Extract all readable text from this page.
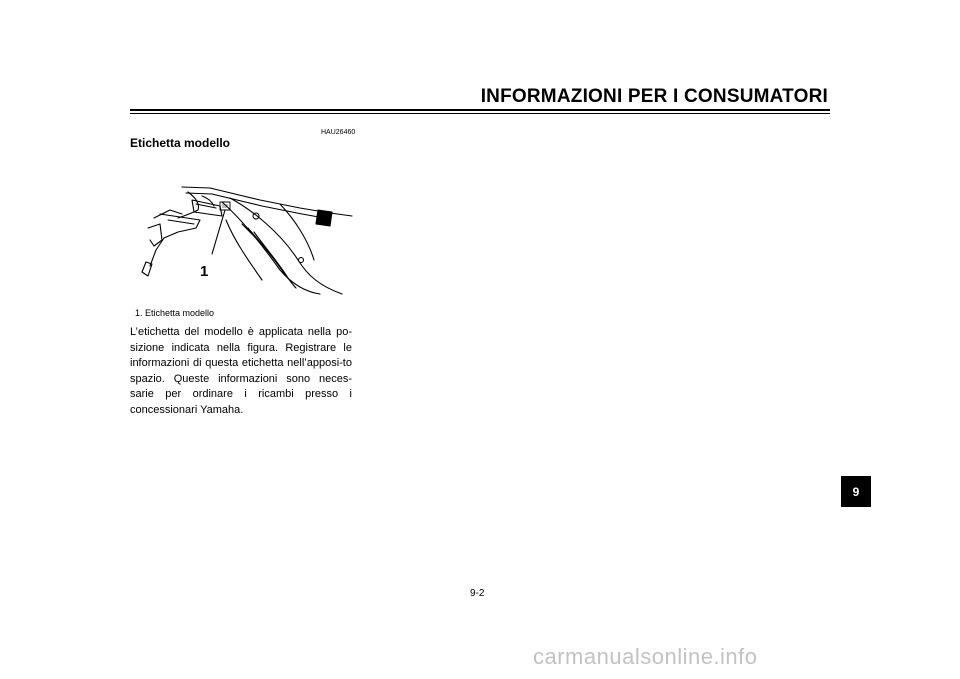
INFORMAZIONI PER I CONSUMATORI
HAU26460
Etichetta modello
1
1. Etichetta modello
L’etichetta del modello è applicata nella po-sizione indicata nella figura. Registrare le informazioni di questa etichetta nell’apposi-to spazio. Queste informazioni sono neces-sarie per ordinare i ricambi presso i concessionari Yamaha.
9
9-2
carmanualsonline.info
